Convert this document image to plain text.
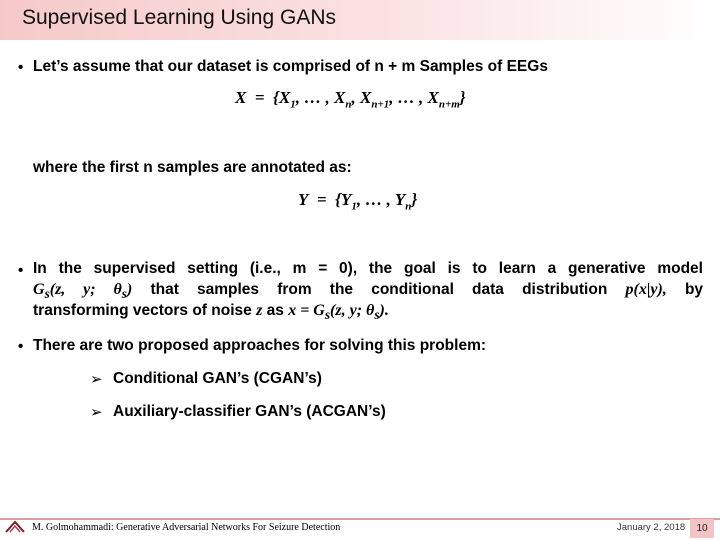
Supervised Learning Using GANs
• Let’s assume that our dataset is comprised of n + m Samples of EEGs
$X = \{X_1$, … , $X_n$, $X_{n+1}$, … , $X_{n+m}$}
where the first n samples are annotated as:
$Y = \{Y_1$, … , $Y_n$}
• In the supervised setting (i.e., m = 0), the goal is to learn a generative model
$G_s(z$, y; $\theta_s$) that samples from the conditional data distribution p(x|y), by
transforming vectors of noise z as $x = G_s(z$, y; $\theta_s$).
• There are two proposed approaches for solving this problem:
➢ Conditional GAN’s (CGAN’s)
➢ Auxiliary-classifier GAN’s (ACGAN’s)
M. Golmohammadi: Generative Adversarial Networks For Seizure Detection	January 2, 2018	10
